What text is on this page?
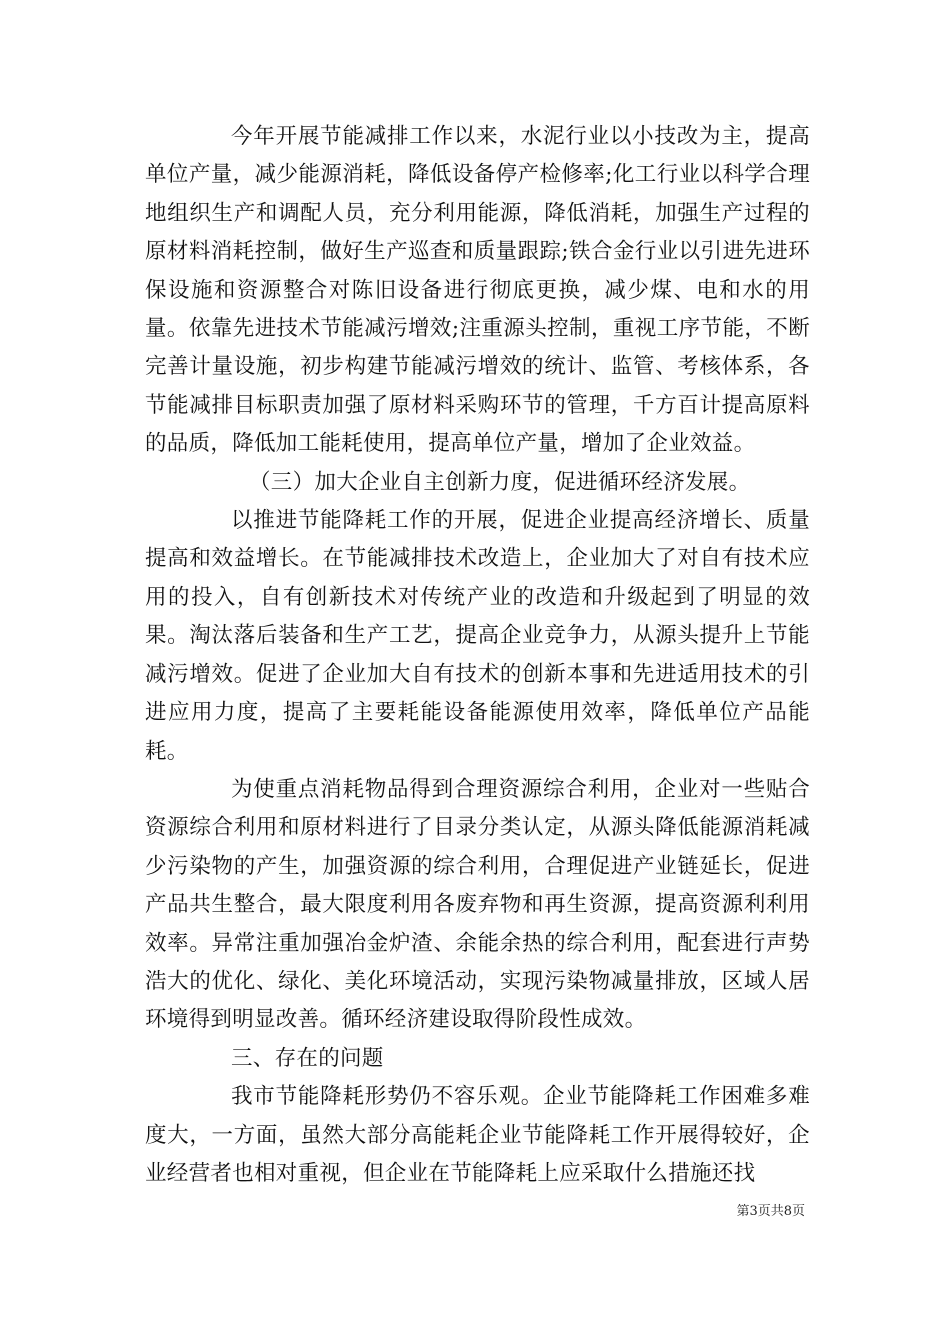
今年开展节能减排工作以来，水泥行业以小技改为主，提高单位产量，减少能源消耗，降低设备停产检修率;化工行业以科学合理地组织生产和调配人员，充分利用能源，降低消耗，加强生产过程的原材料消耗控制，做好生产巡查和质量跟踪;铁合金行业以引进先进环保设施和资源整合对陈旧设备进行彻底更换，减少煤、电和水的用量。依靠先进技术节能减污增效;注重源头控制，重视工序节能，不断完善计量设施，初步构建节能减污增效的统计、监管、考核体系，各节能减排目标职责加强了原材料采购环节的管理，千方百计提高原料的品质，降低加工能耗使用，提高单位产量，增加了企业效益。

（三）加大企业自主创新力度，促进循环经济发展。

以推进节能降耗工作的开展，促进企业提高经济增长、质量提高和效益增长。在节能减排技术改造上，企业加大了对自有技术应用的投入，自有创新技术对传统产业的改造和升级起到了明显的效果。淘汰落后装备和生产工艺，提高企业竞争力，从源头提升上节能减污增效。促进了企业加大自有技术的创新本事和先进适用技术的引进应用力度，提高了主要耗能设备能源使用效率，降低单位产品能耗。

为使重点消耗物品得到合理资源综合利用，企业对一些贴合资源综合利用和原材料进行了目录分类认定，从源头降低能源消耗减少污染物的产生，加强资源的综合利用，合理促进产业链延长，促进产品共生整合，最大限度利用各废弃物和再生资源，提高资源利利用效率。异常注重加强冶金炉渣、余能余热的综合利用，配套进行声势浩大的优化、绿化、美化环境活动，实现污染物减量排放，区域人居环境得到明显改善。循环经济建设取得阶段性成效。

三、存在的问题

我市节能降耗形势仍不容乐观。企业节能降耗工作困难多难度大，一方面，虽然大部分高能耗企业节能降耗工作开展得较好，企业经营者也相对重视，但企业在节能降耗上应采取什么措施还找

第3页共8页
